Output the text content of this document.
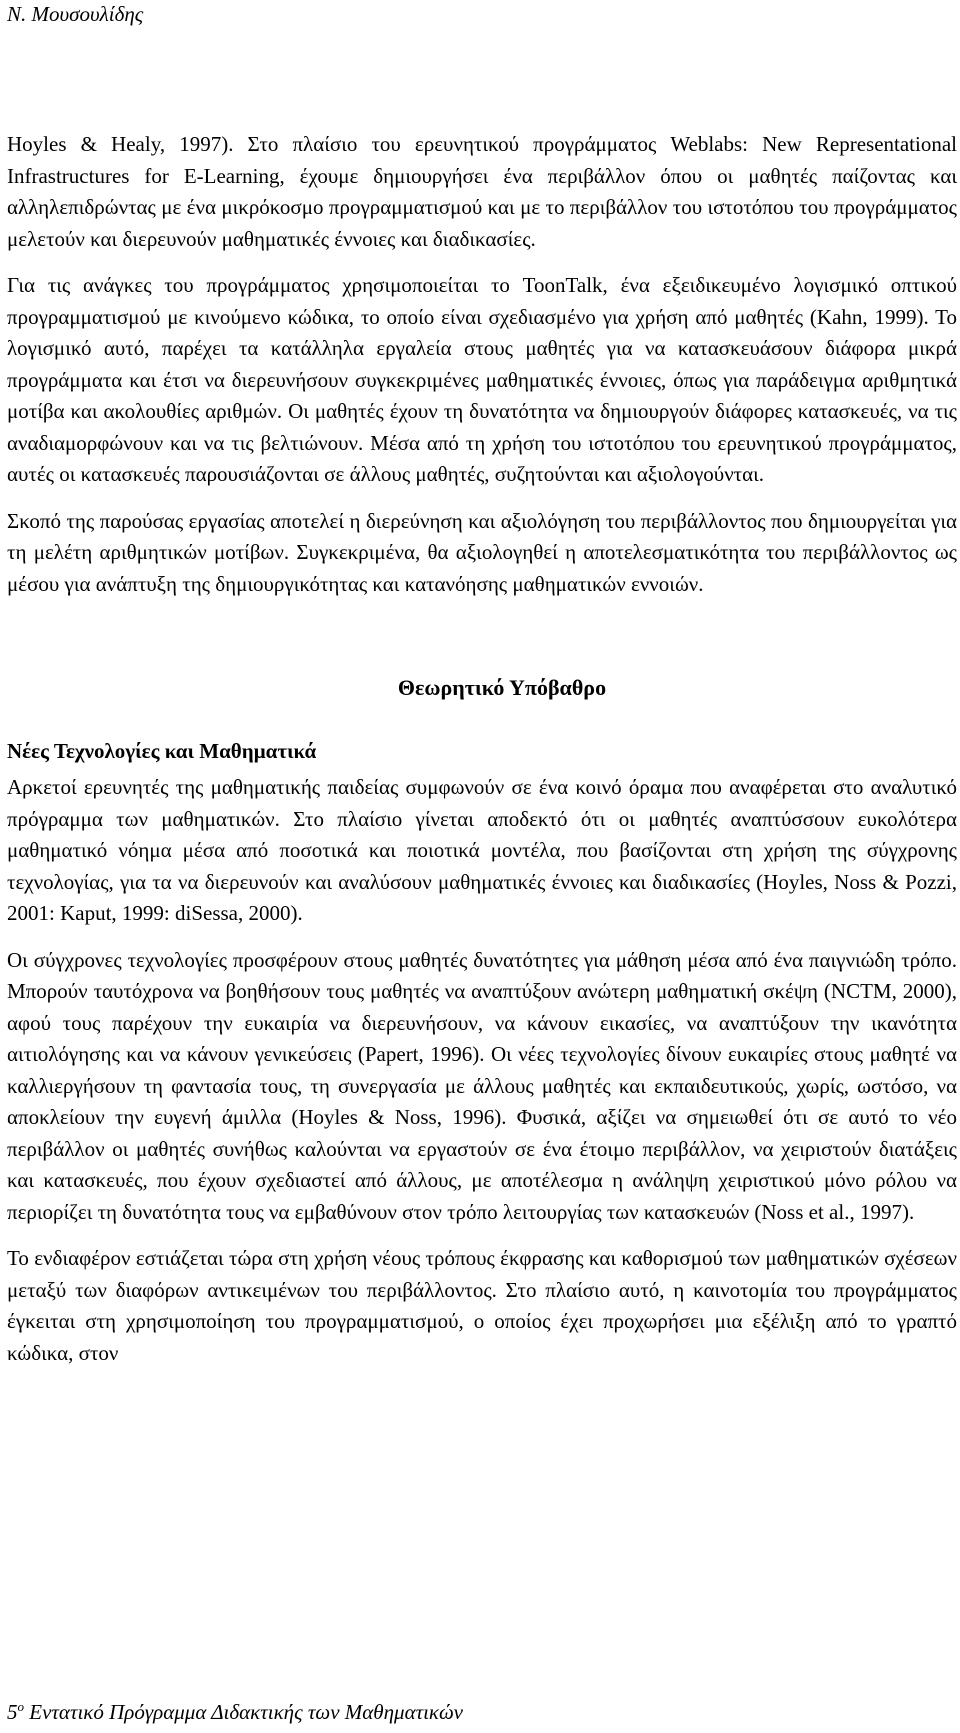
Ν. Μουσουλίδης

Hoyles & Healy, 1997). Στο πλαίσιο του ερευνητικού προγράμματος Weblabs: New Representational Infrastructures for E-Learning, έχουμε δημιουργήσει ένα περιβάλλον όπου οι μαθητές παίζοντας και αλληλεπιδρώντας με ένα μικρόκοσμο προγραμματισμού και με το περιβάλλον του ιστοτόπου του προγράμματος μελετούν και διερευνούν μαθηματικές έννοιες και διαδικασίες.

Για τις ανάγκες του προγράμματος χρησιμοποιείται το ToonTalk, ένα εξειδικευμένο λογισμικό οπτικού προγραμματισμού με κινούμενο κώδικα, το οποίο είναι σχεδιασμένο για χρήση από μαθητές (Kahn, 1999). Το λογισμικό αυτό, παρέχει τα κατάλληλα εργαλεία στους μαθητές για να κατασκευάσουν διάφορα μικρά προγράμματα και έτσι να διερευνήσουν συγκεκριμένες μαθηματικές έννοιες, όπως για παράδειγμα αριθμητικά μοτίβα και ακολουθίες αριθμών. Οι μαθητές έχουν τη δυνατότητα να δημιουργούν διάφορες κατασκευές, να τις αναδιαμορφώνουν και να τις βελτιώνουν. Μέσα από τη χρήση του ιστοτόπου του ερευνητικού προγράμματος, αυτές οι κατασκευές παρουσιάζονται σε άλλους μαθητές, συζητούνται και αξιολογούνται.

Σκοπό της παρούσας εργασίας αποτελεί η διερεύνηση και αξιολόγηση του περιβάλλοντος που δημιουργείται για τη μελέτη αριθμητικών μοτίβων. Συγκεκριμένα, θα αξιολογηθεί η αποτελεσματικότητα του περιβάλλοντος ως μέσου για ανάπτυξη της δημιουργικότητας και κατανόησης μαθηματικών εννοιών.

Θεωρητικό Υπόβαθρο
Νέες Τεχνολογίες και Μαθηματικά

Αρκετοί ερευνητές της μαθηματικής παιδείας συμφωνούν σε ένα κοινό όραμα που αναφέρεται στο αναλυτικό πρόγραμμα των μαθηματικών. Στο πλαίσιο γίνεται αποδεκτό ότι οι μαθητές αναπτύσσουν ευκολότερα μαθηματικό νόημα μέσα από ποσοτικά και ποιοτικά μοντέλα, που βασίζονται στη χρήση της σύγχρονης τεχνολογίας, για τα να διερευνούν και αναλύσουν μαθηματικές έννοιες και διαδικασίες (Hoyles, Noss & Pozzi, 2001: Kaput, 1999: diSessa, 2000).

Οι σύγχρονες τεχνολογίες προσφέρουν στους μαθητές δυνατότητες για μάθηση μέσα από ένα παιγνιώδη τρόπο. Μπορούν ταυτόχρονα να βοηθήσουν τους μαθητές να αναπτύξουν ανώτερη μαθηματική σκέψη (NCTM, 2000), αφού τους παρέχουν την ευκαιρία να διερευνήσουν, να κάνουν εικασίες, να αναπτύξουν την ικανότητα αιτιολόγησης και να κάνουν γενικεύσεις (Papert, 1996). Οι νέες τεχνολογίες δίνουν ευκαιρίες στους μαθητέ να καλλιεργήσουν τη φαντασία τους, τη συνεργασία με άλλους μαθητές και εκπαιδευτικούς, χωρίς, ωστόσο, να αποκλείουν την ευγενή άμιλλα (Hoyles & Noss, 1996). Φυσικά, αξίζει να σημειωθεί ότι σε αυτό το νέο περιβάλλον οι μαθητές συνήθως καλούνται να εργαστούν σε ένα έτοιμο περιβάλλον, να χειριστούν διατάξεις και κατασκευές, που έχουν σχεδιαστεί από άλλους, με αποτέλεσμα η ανάληψη χειριστικού μόνο ρόλου να περιορίζει τη δυνατότητα τους να εμβαθύνουν στον τρόπο λειτουργίας των κατασκευών (Noss et al., 1997).

Το ενδιαφέρον εστιάζεται τώρα στη χρήση νέους τρόπους έκφρασης και καθορισμού των μαθηματικών σχέσεων μεταξύ των διαφόρων αντικειμένων του περιβάλλοντος. Στο πλαίσιο αυτό, η καινοτομία του προγράμματος έγκειται στη χρησιμοποίηση του προγραμματισμού, ο οποίος έχει προχωρήσει μια εξέλιξη από το γραπτό κώδικα, στον

$5^o$ Εντατικό Πρόγραμμα Διδακτικής των Μαθηματικών
